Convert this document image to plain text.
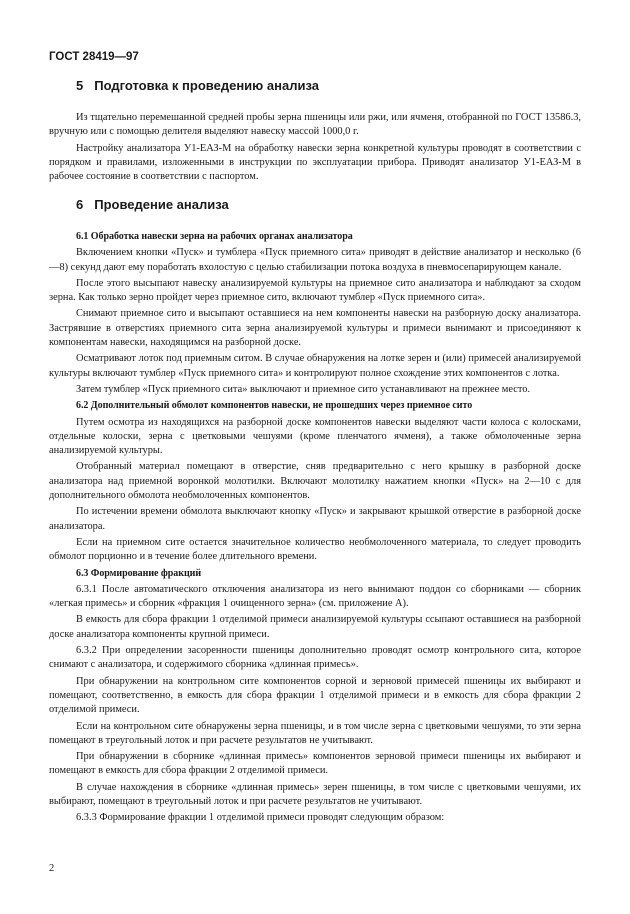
ГОСТ 28419—97
5 Подготовка к проведению анализа

Из тщательно перемешанной средней пробы зерна пшеницы или ржи, или ячменя, отобранной по ГОСТ 13586.3, вручную или с помощью делителя выделяют навеску массой 1000,0 г.

Настройку анализатора У1-ЕАЗ-М на обработку навески зерна конкретной культуры проводят в соответствии с порядком и правилами, изложенными в инструкции по эксплуатации прибора. Приводят анализатор У1-ЕАЗ-М в рабочее состояние в соответствии с паспортом.

6 Проведение анализа

6.1 Обработка навески зерна на рабочих органах анализатора

Включением кнопки «Пуск» и тумблера «Пуск приемного сита» приводят в действие анализатор и несколько (6—8) секунд дают ему поработать вхолостую с целью стабилизации потока воздуха в пневмосепарирующем канале.

После этого высыпают навеску анализируемой культуры на приемное сито анализатора и наблюдают за сходом зерна. Как только зерно пройдет через приемное сито, включают тумблер «Пуск приемного сита».

Снимают приемное сито и высыпают оставшиеся на нем компоненты навески на разборную доску анализатора. Застрявшие в отверстиях приемного сита зерна анализируемой культуры и примеси вынимают и присоединяют к компонентам навески, находящимся на разборной доске.

Осматривают лоток под приемным ситом. В случае обнаружения на лотке зерен и (или) примесей анализируемой культуры включают тумблер «Пуск приемного сита» и контролируют полное схождение этих компонентов с лотка.

Затем тумблер «Пуск приемного сита» выключают и приемное сито устанавливают на прежнее место.

6.2 Дополнительный обмолот компонентов навески, не прошедших через приемное сито

Путем осмотра из находящихся на разборной доске компонентов навески выделяют части колоса с колосками, отдельные колоски, зерна с цветковыми чешуями (кроме пленчатого ячменя), а также обмолоченные зерна анализируемой культуры.

Отобранный материал помещают в отверстие, сняв предварительно с него крышку в разборной доске анализатора над приемной воронкой молотилки. Включают молотилку нажатием кнопки «Пуск» на 2—10 с для дополнительного обмолота необмолоченных компонентов.

По истечении времени обмолота выключают кнопку «Пуск» и закрывают крышкой отверстие в разборной доске анализатора.

Если на приемном сите остается значительное количество необмолоченного материала, то следует проводить обмолот порционно и в течение более длительного времени.

6.3 Формирование фракций

6.3.1 После автоматического отключения анализатора из него вынимают поддон со сборниками — сборник «легкая примесь» и сборник «фракция 1 очищенного зерна» (см. приложение А).

В емкость для сбора фракции 1 отделимой примеси анализируемой культуры ссыпают оставшиеся на разборной доске анализатора компоненты крупной примеси.

6.3.2 При определении засоренности пшеницы дополнительно проводят осмотр контрольного сита, которое снимают с анализатора, и содержимого сборника «длинная примесь».

При обнаружении на контрольном сите компонентов сорной и зерновой примесей пшеницы их выбирают и помещают, соответственно, в емкость для сбора фракции 1 отделимой примеси и в емкость для сбора фракции 2 отделимой примеси.

Если на контрольном сите обнаружены зерна пшеницы, и в том числе зерна с цветковыми чешуями, то эти зерна помещают в треугольный лоток и при расчете результатов не учитывают.

При обнаружении в сборнике «длинная примесь» компонентов зерновой примеси пшеницы их выбирают и помещают в емкость для сбора фракции 2 отделимой примеси.

В случае нахождения в сборнике «длинная примесь» зерен пшеницы, в том числе с цветковыми чешуями, их выбирают, помещают в треугольный лоток и при расчете результатов не учитывают.

6.3.3 Формирование фракции 1 отделимой примеси проводят следующим образом:

2
